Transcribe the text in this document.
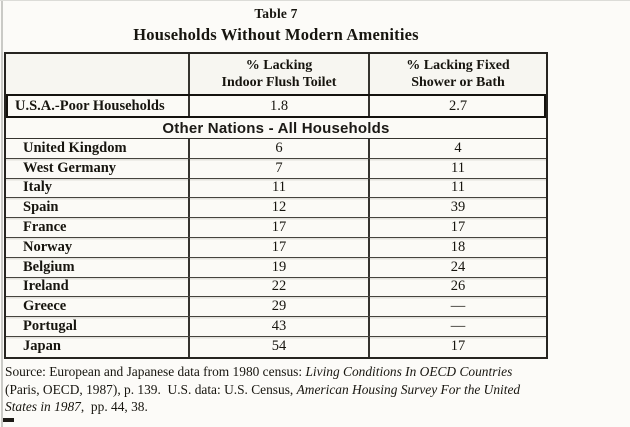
Table 7
Households Without Modern Amenities
% Lacking
Indoor Flush Toilet
% Lacking Fixed
Shower or Bath
U.S.A.-Poor Households	1.8	2.7
Other Nations - All Households
United Kingdom	6	4
West Germany	7	11
Italy	11	11
Spain	12	39
France	17	17
Norway	17	18
Belgium	19	24
Ireland	22	26
Greece	29	—
Portugal	43	—
Japan	54	17
Source: European and Japanese data from 1980 census: Living Conditions In OECD Countries
(Paris, OECD, 1987), p. 139.  U.S. data: U.S. Census, American Housing Survey For the United
States in 1987,  pp. 44, 38.
